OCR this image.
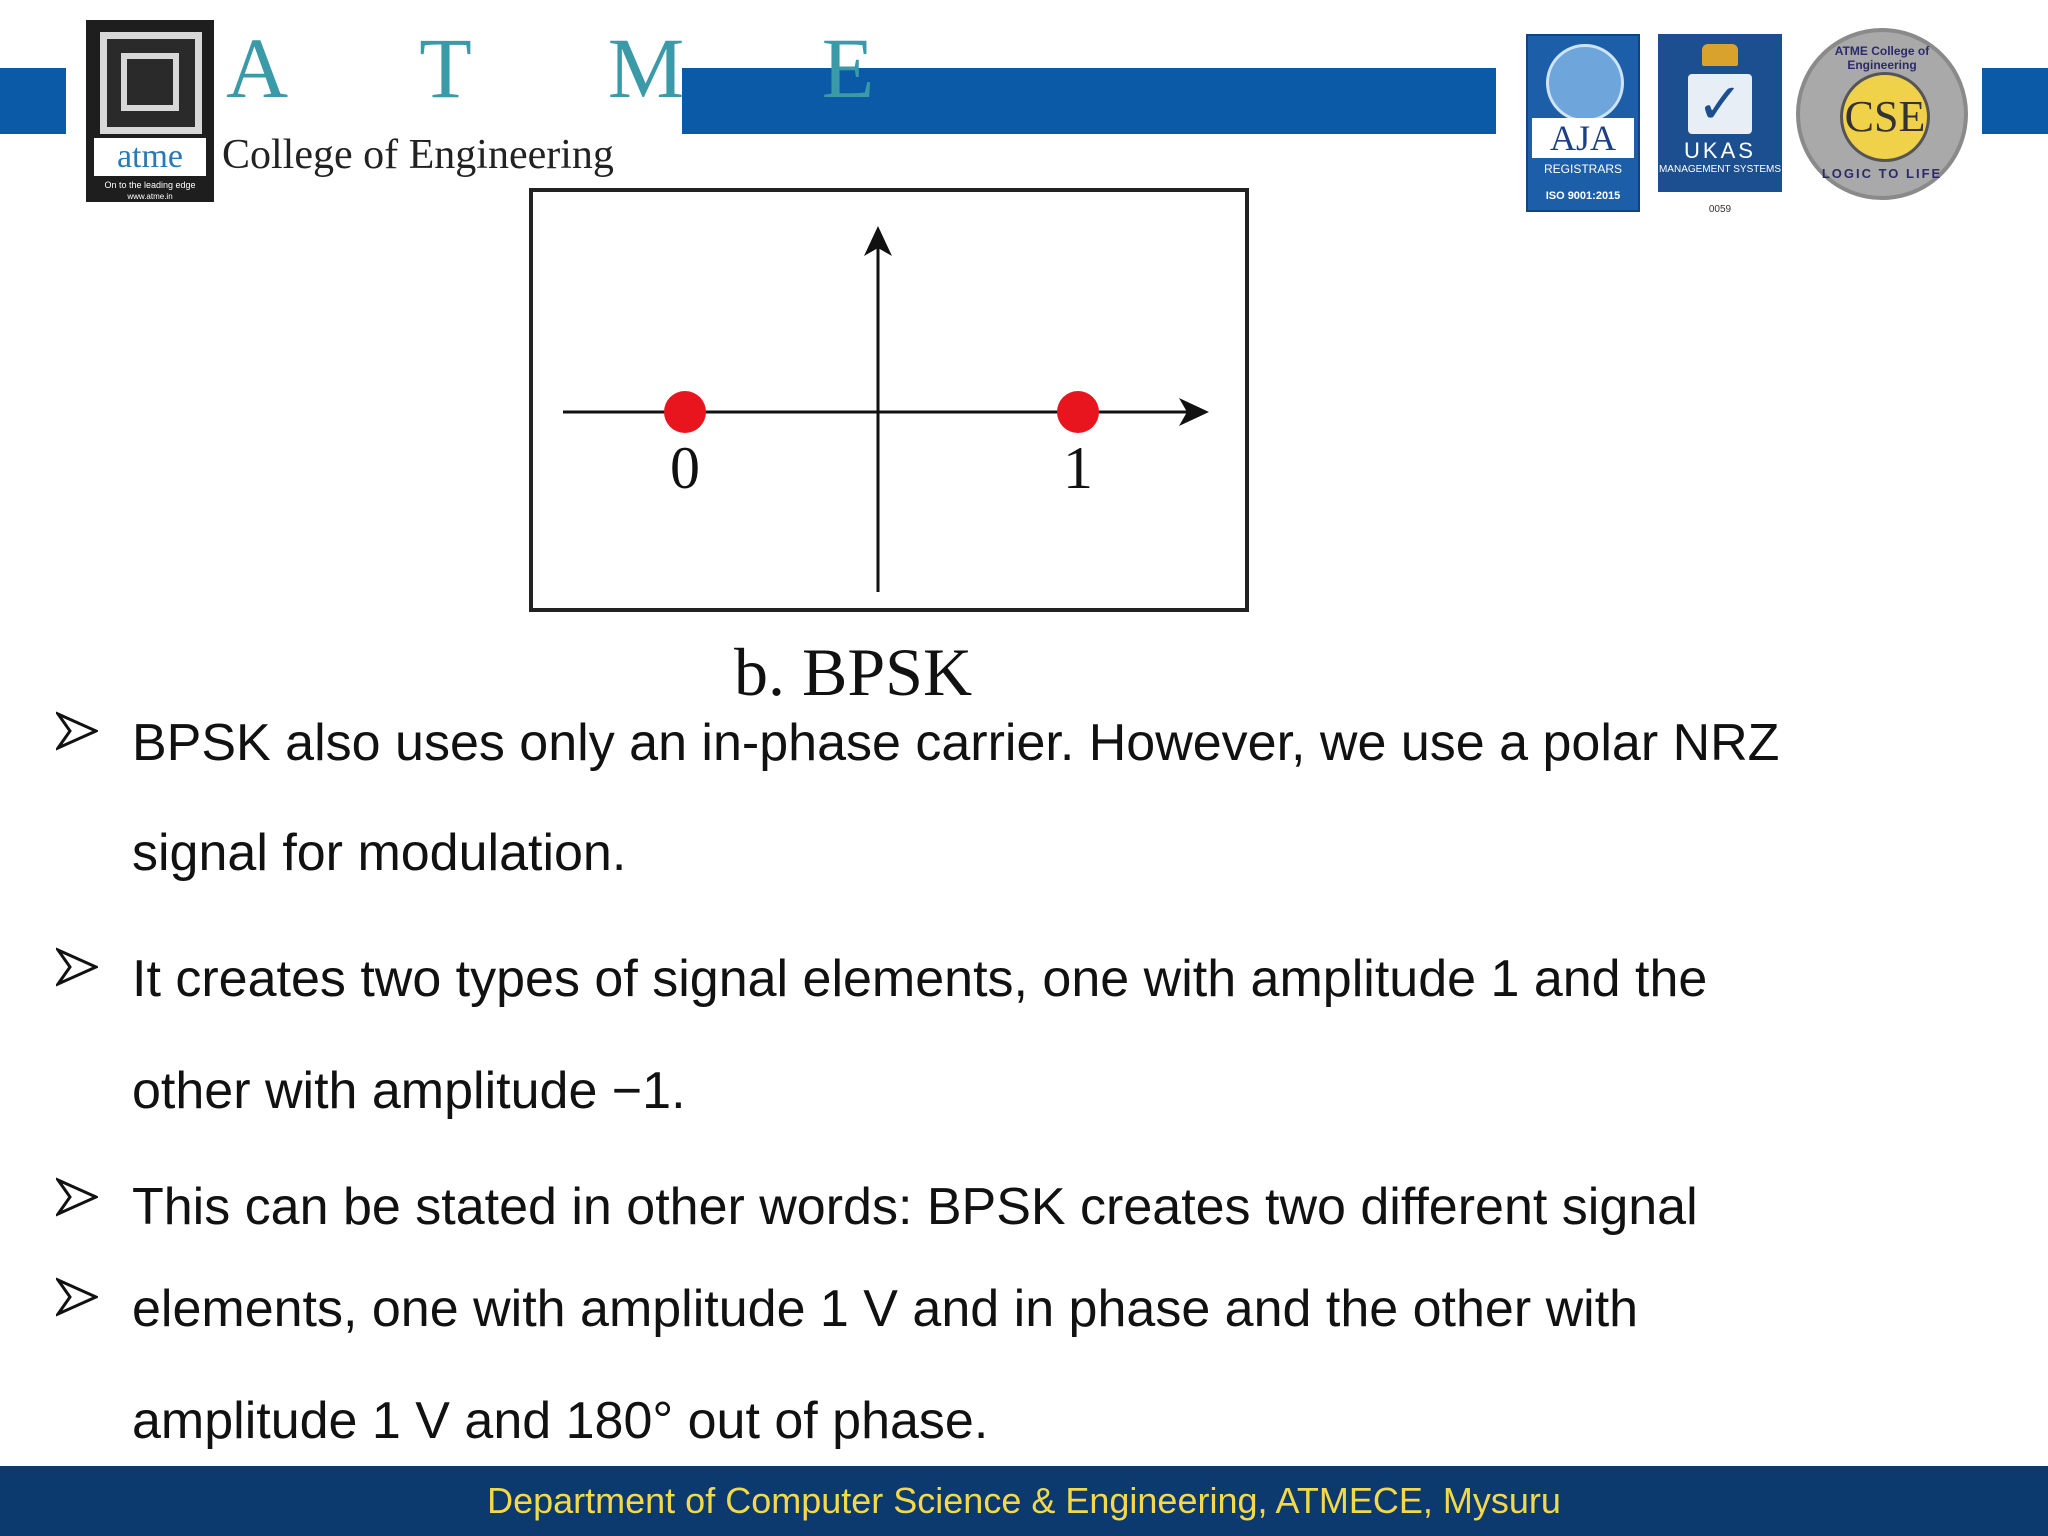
atme
On to the leading edge
www.atme.in
A T M E
College of Engineering	AJA
REGISTRARS
ISO 9001:2015
✓
UKAS
MANAGEMENT SYSTEMS
0059
ATME College of Engineering
CSE
LOGIC TO LIFE
0	1
b. BPSK
BPSK also uses only an in-phase carrier. However, we use a polar NRZ
signal for modulation.
It creates two types of signal elements, one with amplitude 1 and the
other with amplitude −1.
This can be stated in other words: BPSK creates two different signal
elements, one with amplitude 1 V and in phase and the other with
amplitude 1 V and 180° out of phase.
Department of Computer Science & Engineering, ATMECE, Mysuru
